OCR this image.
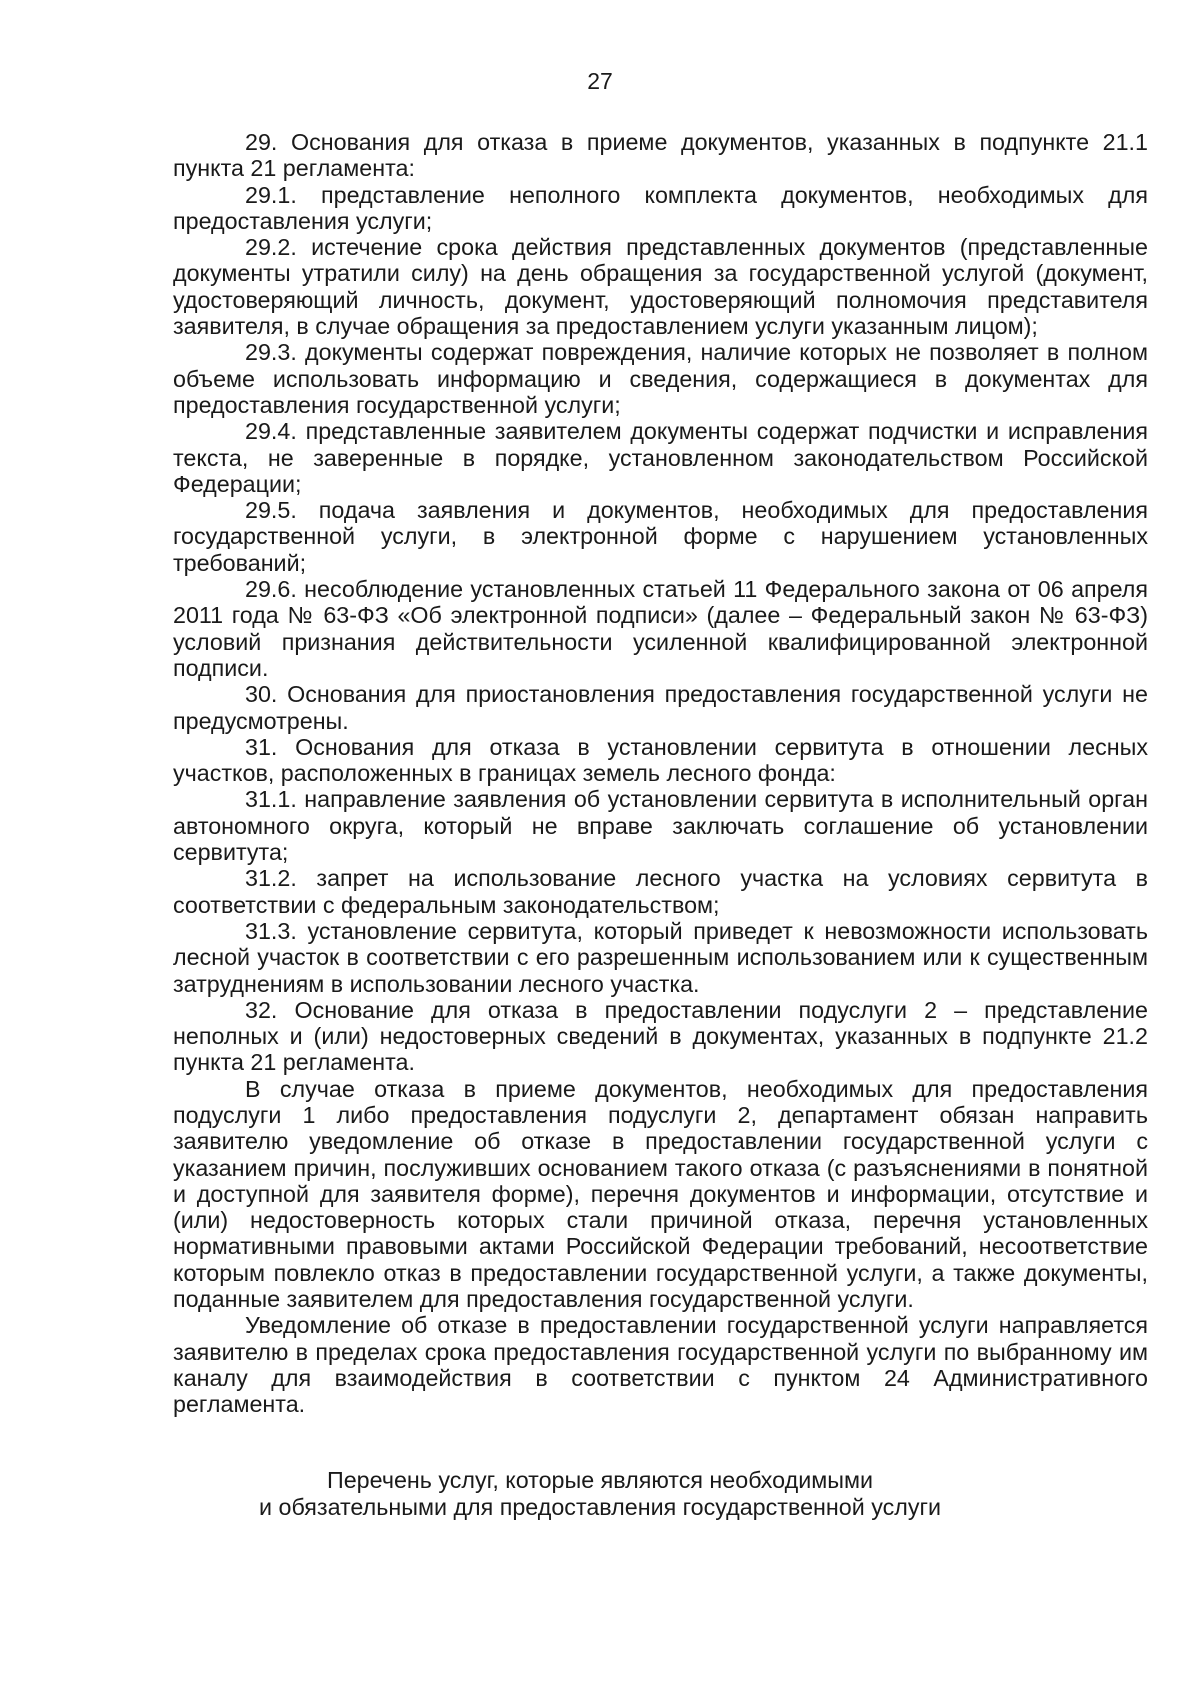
27

29. Основания для отказа в приеме документов, указанных в подпункте 21.1 пункта 21 регламента:

29.1. представление неполного комплекта документов, необходимых для предоставления услуги;

29.2. истечение срока действия представленных документов (представленные документы утратили силу) на день обращения за государственной услугой (документ, удостоверяющий личность, документ, удостоверяющий полномочия представителя заявителя, в случае обращения за предоставлением услуги указанным лицом);

29.3. документы содержат повреждения, наличие которых не позволяет в полном объеме использовать информацию и сведения, содержащиеся в документах для предоставления государственной услуги;

29.4. представленные заявителем документы содержат подчистки и исправления текста, не заверенные в порядке, установленном законодательством Российской Федерации;

29.5. подача заявления и документов, необходимых для предоставления государственной услуги, в электронной форме с нарушением установленных требований;

29.6. несоблюдение установленных статьей 11 Федерального закона от 06 апреля 2011 года № 63-ФЗ «Об электронной подписи» (далее – Федеральный закон № 63-ФЗ) условий признания действительности усиленной квалифицированной электронной подписи.

30. Основания для приостановления предоставления государственной услуги не предусмотрены.

31. Основания для отказа в установлении сервитута в отношении лесных участков, расположенных в границах земель лесного фонда:

31.1. направление заявления об установлении сервитута в исполнительный орган автономного округа, который не вправе заключать соглашение об установлении сервитута;

31.2. запрет на использование лесного участка на условиях сервитута в соответствии с федеральным законодательством;

31.3. установление сервитута, который приведет к невозможности использовать лесной участок в соответствии с его разрешенным использованием или к существенным затруднениям в использовании лесного участка.

32. Основание для отказа в предоставлении подуслуги 2 – представление неполных и (или) недостоверных сведений в документах, указанных в подпункте 21.2 пункта 21 регламента.

В случае отказа в приеме документов, необходимых для предоставления подуслуги 1 либо предоставления подуслуги 2, департамент обязан направить заявителю уведомление об отказе в предоставлении государственной услуги с указанием причин, послуживших основанием такого отказа (с разъяснениями в понятной и доступной для заявителя форме), перечня документов и информации, отсутствие и (или) недостоверность которых стали причиной отказа, перечня установленных нормативными правовыми актами Российской Федерации требований, несоответствие которым повлекло отказ в предоставлении государственной услуги, а также документы, поданные заявителем для предоставления государственной услуги.

Уведомление об отказе в предоставлении государственной услуги направляется заявителю в пределах срока предоставления государственной услуги по выбранному им каналу для взаимодействия в соответствии с пунктом 24 Административного регламента.

Перечень услуг, которые являются необходимыми
и обязательными для предоставления государственной услуги
